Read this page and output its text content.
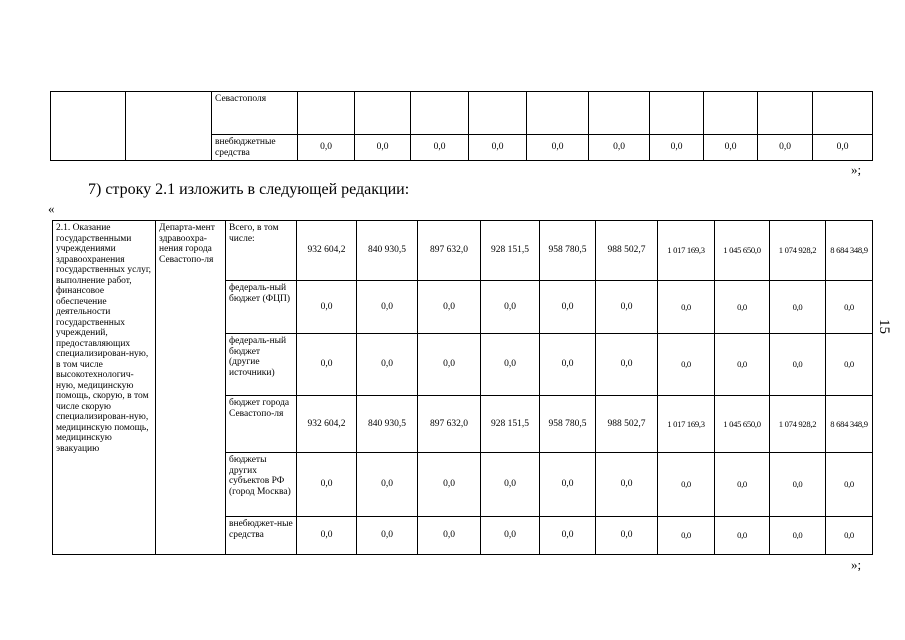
		Севастополя										
		внебюджетные средства	0,0	0,0	0,0	0,0	0,0	0,0	0,0	0,0	0,0	0,0
»;
7) строку 2.1 изложить в следующей редакции:
«
2.1. Оказание государственными учреждениями здравоохранения государственных услуг, выполнение работ, финансовое обеспечение деятельности государственных учреждений, предоставляющих специализирован-ную, в том числе высокотехнологич-ную, медицинскую помощь, скорую, в том числе скорую специализирован-ную, медицинскую помощь, медицинскую эвакуацию	Департа-мент здравоохра-нения города Севастопо-ля	Всего, в том числе:	932 604,2	840 930,5	897 632,0	928 151,5	958 780,5	988 502,7	1 017 169,3	1 045 650,0	1 074 928,2	8 684 348,9
		федераль-ный бюджет (ФЦП)	0,0	0,0	0,0	0,0	0,0	0,0	0,0	0,0	0,0	0,0
		федераль-ный бюджет (другие источники)	0,0	0,0	0,0	0,0	0,0	0,0	0,0	0,0	0,0	0,0
		бюджет города Севастопо-ля	932 604,2	840 930,5	897 632,0	928 151,5	958 780,5	988 502,7	1 017 169,3	1 045 650,0	1 074 928,2	8 684 348,9
		бюджеты других субъектов РФ (город Москва)	0,0	0,0	0,0	0,0	0,0	0,0	0,0	0,0	0,0	0,0
		внебюджет-ные средства	0,0	0,0	0,0	0,0	0,0	0,0	0,0	0,0	0,0	0,0
»;
15
